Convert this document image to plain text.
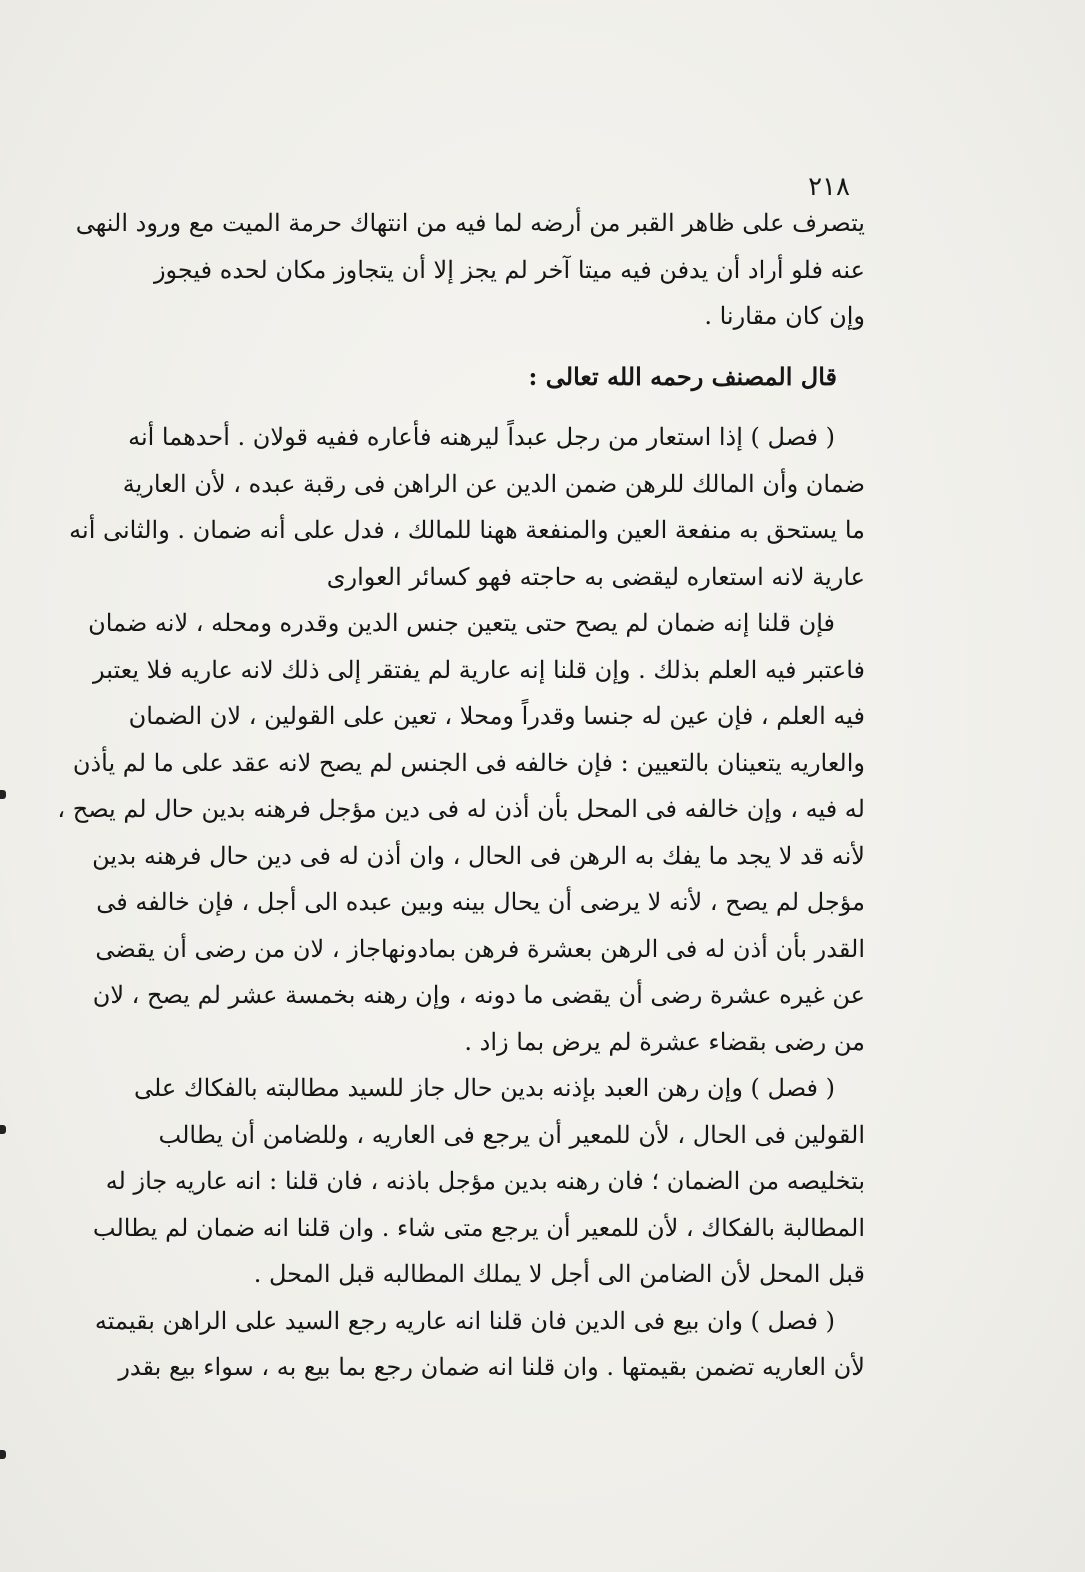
٢١٨
يتصرف على ظاهر القبر من أرضه لما فيه من انتهاك حرمة الميت مع ورود النهى
عنه فلو أراد أن يدفن فيه ميتا آخر لم يجز إلا أن يتجاوز مكان لحده فيجوز
وإن كان مقارنا .
قال المصنف رحمه الله تعالى :
( فصل ) إذا استعار من رجل عبداً ليرهنه فأعاره ففيه قولان . أحدهما أنه
ضمان وأن المالك للرهن ضمن الدين عن الراهن فى رقبة عبده ، لأن العارية
ما يستحق به منفعة العين والمنفعة ههنا للمالك ، فدل على أنه ضمان . والثانى أنه
عارية لانه استعاره ليقضى به حاجته فهو كسائر العوارى
فإن قلنا إنه ضمان لم يصح حتى يتعين جنس الدين وقدره ومحله ، لانه ضمان
فاعتبر فيه العلم بذلك . وإن قلنا إنه عارية لم يفتقر إلى ذلك لانه عاريه فلا يعتبر
فيه العلم ، فإن عين له جنسا وقدراً ومحلا ، تعين على القولين ، لان الضمان
والعاريه يتعينان بالتعيين : فإن خالفه فى الجنس لم يصح لانه عقد على ما لم يأذن
له فيه ، وإن خالفه فى المحل بأن أذن له فى دين مؤجل فرهنه بدين حال لم يصح ،
لأنه قد لا يجد ما يفك به الرهن فى الحال ، وان أذن له فى دين حال فرهنه بدين
مؤجل لم يصح ، لأنه لا يرضى أن يحال بينه وبين عبده الى أجل ، فإن خالفه فى
القدر بأن أذن له فى الرهن بعشرة فرهن بمادونهاجاز ، لان من رضى أن يقضى
عن غيره عشرة رضى أن يقضى ما دونه ، وإن رهنه بخمسة عشر لم يصح ، لان
من رضى بقضاء عشرة لم يرض بما زاد .
( فصل ) وإن رهن العبد بإذنه بدين حال جاز للسيد مطالبته بالفكاك على
القولين فى الحال ، لأن للمعير أن يرجع فى العاريه ، وللضامن أن يطالب
بتخليصه من الضمان ؛ فان رهنه بدين مؤجل باذنه ، فان قلنا : انه عاريه جاز له
المطالبة بالفكاك ، لأن للمعير أن يرجع متى شاء . وان قلنا انه ضمان لم يطالب
قبل المحل لأن الضامن الى أجل لا يملك المطالبه قبل المحل .
( فصل ) وان بيع فى الدين فان قلنا انه عاريه رجع السيد على الراهن بقيمته
لأن العاريه تضمن بقيمتها . وان قلنا انه ضمان رجع بما بيع به ، سواء بيع بقدر
